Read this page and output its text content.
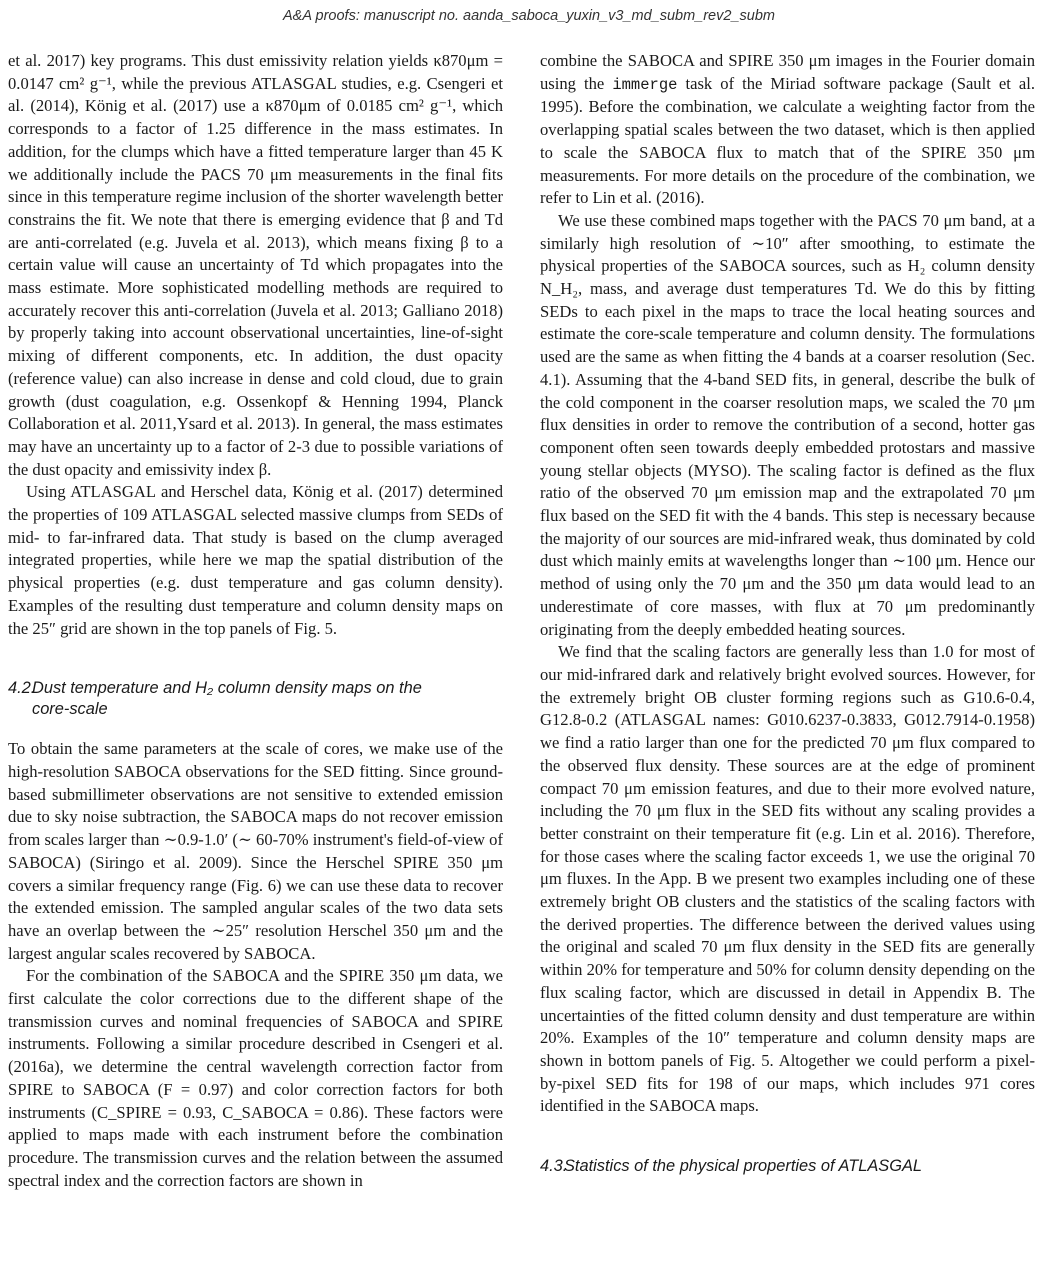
A&A proofs: manuscript no. aanda_saboca_yuxin_v3_md_subm_rev2_subm

et al. 2017) key programs. This dust emissivity relation yields κ870μm = 0.0147 cm² g⁻¹, while the previous ATLASGAL studies, e.g. Csengeri et al. (2014), König et al. (2017) use a κ870μm of 0.0185 cm² g⁻¹, which corresponds to a factor of 1.25 difference in the mass estimates. In addition, for the clumps which have a fitted temperature larger than 45 K we additionally include the PACS 70 μm measurements in the final fits since in this temperature regime inclusion of the shorter wavelength better constrains the fit. We note that there is emerging evidence that β and Td are anti-correlated (e.g. Juvela et al. 2013), which means fixing β to a certain value will cause an uncertainty of Td which propagates into the mass estimate. More sophisticated modelling methods are required to accurately recover this anti-correlation (Juvela et al. 2013; Galliano 2018) by properly taking into account observational uncertainties, line-of-sight mixing of different components, etc. In addition, the dust opacity (reference value) can also increase in dense and cold cloud, due to grain growth (dust coagulation, e.g. Ossenkopf & Henning 1994, Planck Collaboration et al. 2011,Ysard et al. 2013). In general, the mass estimates may have an uncertainty up to a factor of 2-3 due to possible variations of the dust opacity and emissivity index β.

Using ATLASGAL and Herschel data, König et al. (2017) determined the properties of 109 ATLASGAL selected massive clumps from SEDs of mid- to far-infrared data. That study is based on the clump averaged integrated properties, while here we map the spatial distribution of the physical properties (e.g. dust temperature and gas column density). Examples of the resulting dust temperature and column density maps on the 25″ grid are shown in the top panels of Fig. 5.

4.2.Dust temperature and H₂ column density maps on the
core-scale

To obtain the same parameters at the scale of cores, we make use of the high-resolution SABOCA observations for the SED fitting. Since ground-based submillimeter observations are not sensitive to extended emission due to sky noise subtraction, the SABOCA maps do not recover emission from scales larger than ∼0.9-1.0′ (∼ 60-70% instrument's field-of-view of SABOCA) (Siringo et al. 2009). Since the Herschel SPIRE 350 μm covers a similar frequency range (Fig. 6) we can use these data to recover the extended emission. The sampled angular scales of the two data sets have an overlap between the ∼25″ resolution Herschel 350 μm and the largest angular scales recovered by SABOCA.

For the combination of the SABOCA and the SPIRE 350 μm data, we first calculate the color corrections due to the different shape of the transmission curves and nominal frequencies of SABOCA and SPIRE instruments. Following a similar procedure described in Csengeri et al. (2016a), we determine the central wavelength correction factor from SPIRE to SABOCA (F = 0.97) and color correction factors for both instruments (C_SPIRE = 0.93, C_SABOCA = 0.86). These factors were applied to maps made with each instrument before the combination procedure. The transmission curves and the relation between the assumed spectral index and the correction factors are shown in

combine the SABOCA and SPIRE 350 μm images in the Fourier domain using the immerge task of the Miriad software package (Sault et al. 1995). Before the combination, we calculate a weighting factor from the overlapping spatial scales between the two dataset, which is then applied to scale the SABOCA flux to match that of the SPIRE 350 μm measurements. For more details on the procedure of the combination, we refer to Lin et al. (2016).

We use these combined maps together with the PACS 70 μm band, at a similarly high resolution of ∼10″ after smoothing, to estimate the physical properties of the SABOCA sources, such as H₂ column density N_H₂, mass, and average dust temperatures Td. We do this by fitting SEDs to each pixel in the maps to trace the local heating sources and estimate the core-scale temperature and column density. The formulations used are the same as when fitting the 4 bands at a coarser resolution (Sec. 4.1). Assuming that the 4-band SED fits, in general, describe the bulk of the cold component in the coarser resolution maps, we scaled the 70 μm flux densities in order to remove the contribution of a second, hotter gas component often seen towards deeply embedded protostars and massive young stellar objects (MYSO). The scaling factor is defined as the flux ratio of the observed 70 μm emission map and the extrapolated 70 μm flux based on the SED fit with the 4 bands. This step is necessary because the majority of our sources are mid-infrared weak, thus dominated by cold dust which mainly emits at wavelengths longer than ∼100 μm. Hence our method of using only the 70 μm and the 350 μm data would lead to an underestimate of core masses, with flux at 70 μm predominantly originating from the deeply embedded heating sources.

We find that the scaling factors are generally less than 1.0 for most of our mid-infrared dark and relatively bright evolved sources. However, for the extremely bright OB cluster forming regions such as G10.6-0.4, G12.8-0.2 (ATLASGAL names: G010.6237-0.3833, G012.7914-0.1958) we find a ratio larger than one for the predicted 70 μm flux compared to the observed flux density. These sources are at the edge of prominent compact 70 μm emission features, and due to their more evolved nature, including the 70 μm flux in the SED fits without any scaling provides a better constraint on their temperature fit (e.g. Lin et al. 2016). Therefore, for those cases where the scaling factor exceeds 1, we use the original 70 μm fluxes. In the App. B we present two examples including one of these extremely bright OB clusters and the statistics of the scaling factors with the derived properties. The difference between the derived values using the original and scaled 70 μm flux density in the SED fits are generally within 20% for temperature and 50% for column density depending on the flux scaling factor, which are discussed in detail in Appendix B. The uncertainties of the fitted column density and dust temperature are within 20%. Examples of the 10″ temperature and column density maps are shown in bottom panels of Fig. 5. Altogether we could perform a pixel-by-pixel SED fits for 198 of our maps, which includes 971 cores identified in the SABOCA maps.

4.3.Statistics of the physical properties of ATLASGAL
